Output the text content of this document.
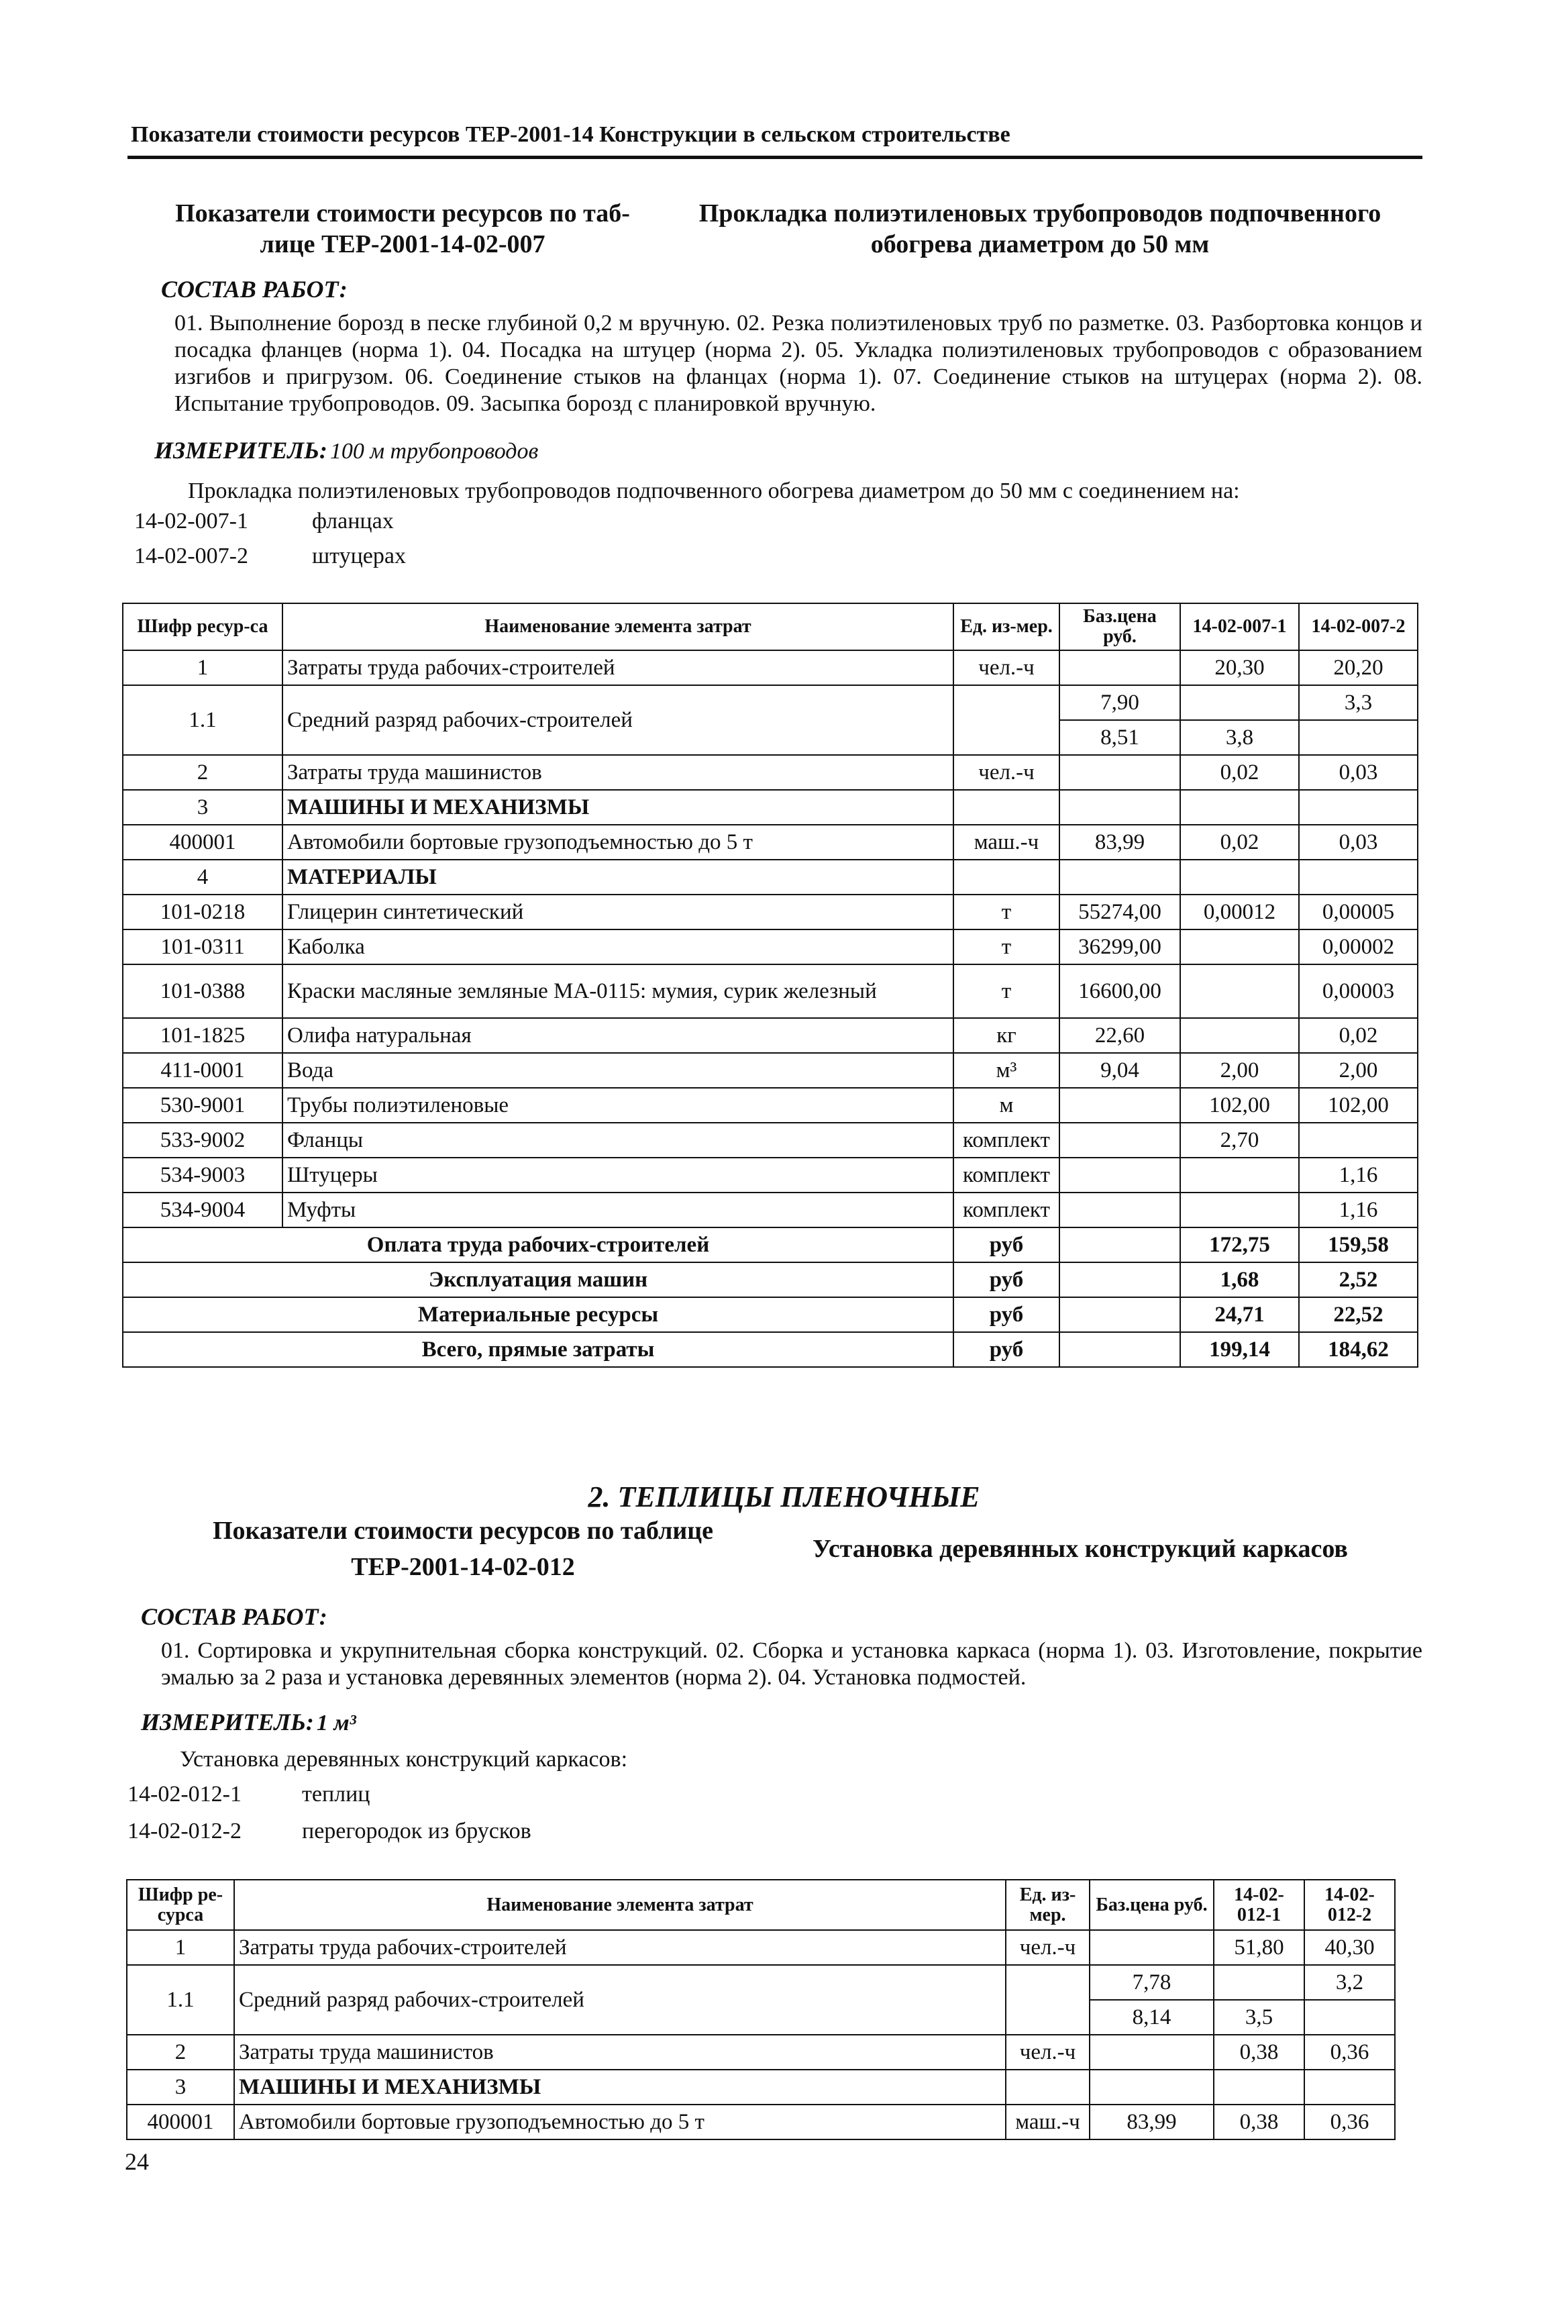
Показатели стоимости ресурсов ТЕР-2001-14 Конструкции в сельском строительстве
Показатели стоимости ресурсов по таб-
лице ТЕР-2001-14-02-007
Прокладка полиэтиленовых трубопроводов подпочвенного
обогрева диаметром до 50 мм
СОСТАВ РАБОТ:
01. Выполнение борозд в песке глубиной 0,2 м вручную. 02. Резка полиэтиленовых труб по разметке. 03. Разбортовка концов и посадка фланцев (норма 1). 04. Посадка на штуцер (норма 2). 05. Укладка полиэтиленовых трубопроводов с образованием изгибов и пригрузом. 06. Соединение стыков на фланцах (норма 1). 07. Соединение стыков на штуцерах (норма 2). 08. Испытание трубопроводов. 09. Засыпка борозд с планировкой вручную.
ИЗМЕРИТЕЛЬ: 100 м трубопроводов
Прокладка полиэтиленовых трубопроводов подпочвенного обогрева диаметром до 50 мм с соединением на:
14-02-007-1	фланцах
14-02-007-2	штуцерах
Шифр ресур-са	Наименование элемента затрат	Ед. из-мер.	Баз.цена руб.	14-02-007-1	14-02-007-2
1	Затраты труда рабочих-строителей	чел.-ч		20,30	20,20
1.1	Средний разряд рабочих-строителей		7,90		3,3
			8,51	3,8	
2	Затраты труда машинистов	чел.-ч		0,02	0,03
3	МАШИНЫ И МЕХАНИЗМЫ				
400001	Автомобили бортовые грузоподъемностью до 5 т	маш.-ч	83,99	0,02	0,03
4	МАТЕРИАЛЫ				
101-0218	Глицерин синтетический	т	55274,00	0,00012	0,00005
101-0311	Каболка	т	36299,00		0,00002
101-0388	Краски масляные земляные МА-0115: мумия, сурик железный	т	16600,00		0,00003
101-1825	Олифа натуральная	кг	22,60		0,02
411-0001	Вода	м³	9,04	2,00	2,00
530-9001	Трубы полиэтиленовые	м		102,00	102,00
533-9002	Фланцы	комплект		2,70	
534-9003	Штуцеры	комплект			1,16
534-9004	Муфты	комплект			1,16
Оплата труда рабочих-строителей		руб		172,75	159,58
Эксплуатация машин		руб		1,68	2,52
Материальные ресурсы		руб		24,71	22,52
Всего, прямые затраты		руб		199,14	184,62
2. ТЕПЛИЦЫ ПЛЕНОЧНЫЕ
Показатели стоимости ресурсов по таблице
ТЕР-2001-14-02-012
Установка деревянных конструкций каркасов
СОСТАВ РАБОТ:
01. Сортировка и укрупнительная сборка конструкций. 02. Сборка и установка каркаса (норма 1). 03. Изготовление, покрытие эмалью за 2 раза и установка деревянных элементов (норма 2). 04. Установка подмостей.
ИЗМЕРИТЕЛЬ: 1 м³
Установка деревянных конструкций каркасов:
14-02-012-1	теплиц
14-02-012-2	перегородок из брусков
Шифр ре-сурса	Наименование элемента затрат	Ед. из-мер.	Баз.цена руб.	14-02-012-1	14-02-012-2
1	Затраты труда рабочих-строителей	чел.-ч		51,80	40,30
1.1	Средний разряд рабочих-строителей		7,78		3,2
			8,14	3,5	
2	Затраты труда машинистов	чел.-ч		0,38	0,36
3	МАШИНЫ И МЕХАНИЗМЫ				
400001	Автомобили бортовые грузоподъемностью до 5 т	маш.-ч	83,99	0,38	0,36
24
